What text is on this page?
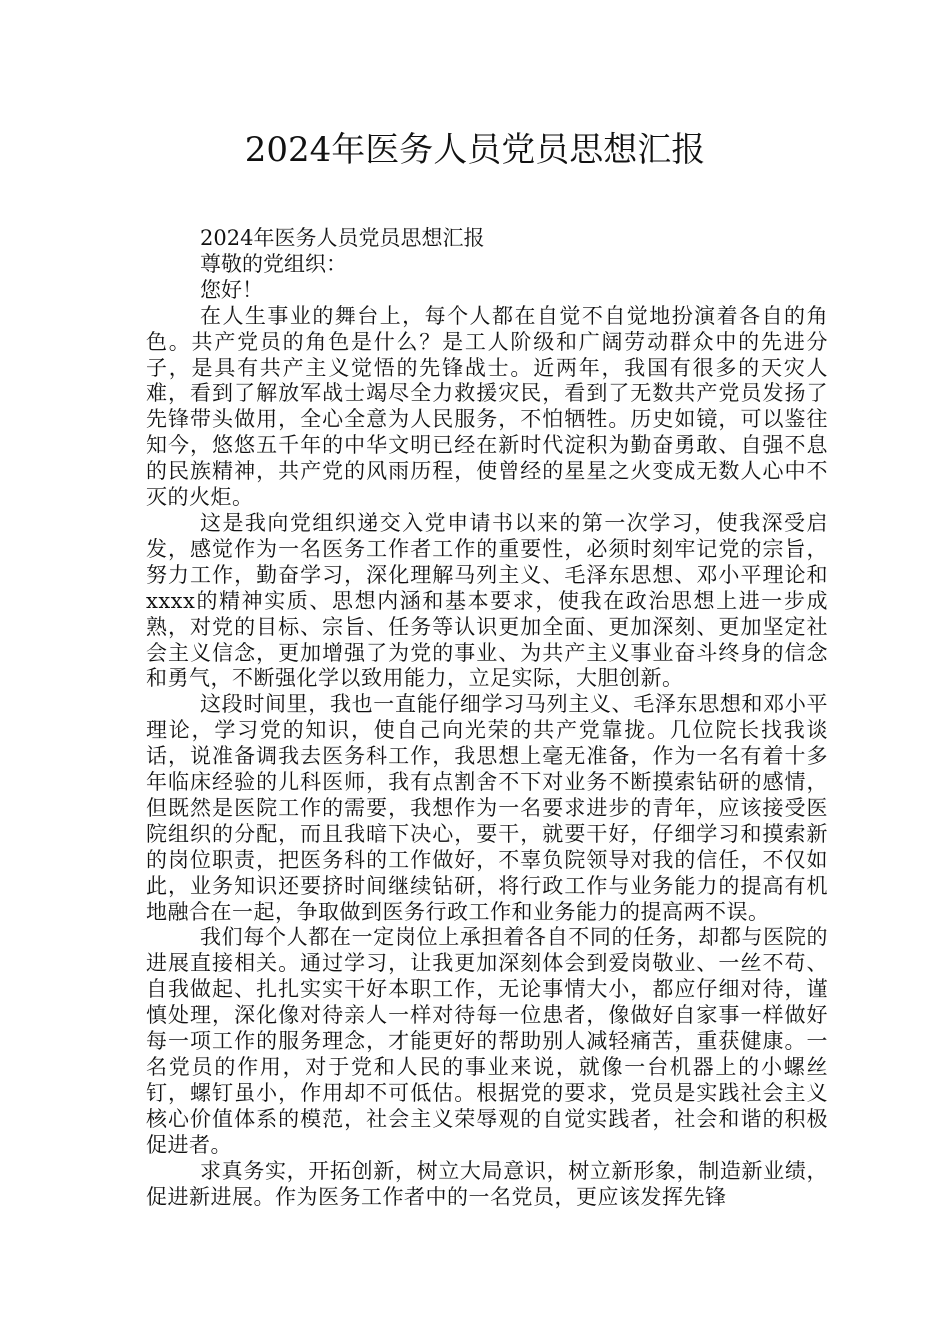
2024年医务人员党员思想汇报

2024年医务人员党员思想汇报

尊敬的党组织：

您好！

在人生事业的舞台上，每个人都在自觉不自觉地扮演着各自的角色。共产党员的角色是什么？是工人阶级和广阔劳动群众中的先进分子，是具有共产主义觉悟的先锋战士。近两年，我国有很多的天灾人难，看到了解放军战士竭尽全力救援灾民，看到了无数共产党员发扬了先锋带头做用，全心全意为人民服务，不怕牺牲。历史如镜，可以鉴往知今，悠悠五千年的中华文明已经在新时代淀积为勤奋勇敢、自强不息的民族精神，共产党的风雨历程，使曾经的星星之火变成无数人心中不灭的火炬。

这是我向党组织递交入党申请书以来的第一次学习，使我深受启发，感觉作为一名医务工作者工作的重要性，必须时刻牢记党的宗旨，努力工作，勤奋学习，深化理解马列主义、毛泽东思想、邓小平理论和xxxx的精神实质、思想内涵和基本要求，使我在政治思想上进一步成熟，对党的目标、宗旨、任务等认识更加全面、更加深刻、更加坚定社会主义信念，更加增强了为党的事业、为共产主义事业奋斗终身的信念和勇气，不断强化学以致用能力，立足实际，大胆创新。

这段时间里，我也一直能仔细学习马列主义、毛泽东思想和邓小平理论，学习党的知识，使自己向光荣的共产党靠拢。几位院长找我谈话，说准备调我去医务科工作，我思想上毫无准备，作为一名有着十多年临床经验的儿科医师，我有点割舍不下对业务不断摸索钻研的感情，但既然是医院工作的需要，我想作为一名要求进步的青年，应该接受医院组织的分配，而且我暗下决心，要干，就要干好，仔细学习和摸索新的岗位职责，把医务科的工作做好，不辜负院领导对我的信任，不仅如此，业务知识还要挤时间继续钻研，将行政工作与业务能力的提高有机地融合在一起，争取做到医务行政工作和业务能力的提高两不误。

我们每个人都在一定岗位上承担着各自不同的任务，却都与医院的进展直接相关。通过学习，让我更加深刻体会到爱岗敬业、一丝不苟、自我做起、扎扎实实干好本职工作，无论事情大小，都应仔细对待，谨慎处理，深化像对待亲人一样对待每一位患者，像做好自家事一样做好每一项工作的服务理念，才能更好的帮助别人减轻痛苦，重获健康。一名党员的作用，对于党和人民的事业来说，就像一台机器上的小螺丝钉，螺钉虽小，作用却不可低估。根据党的要求，党员是实践社会主义核心价值体系的模范，社会主义荣辱观的自觉实践者，社会和谐的积极促进者。

求真务实，开拓创新，树立大局意识，树立新形象，制造新业绩，促进新进展。作为医务工作者中的一名党员，更应该发挥先锋
